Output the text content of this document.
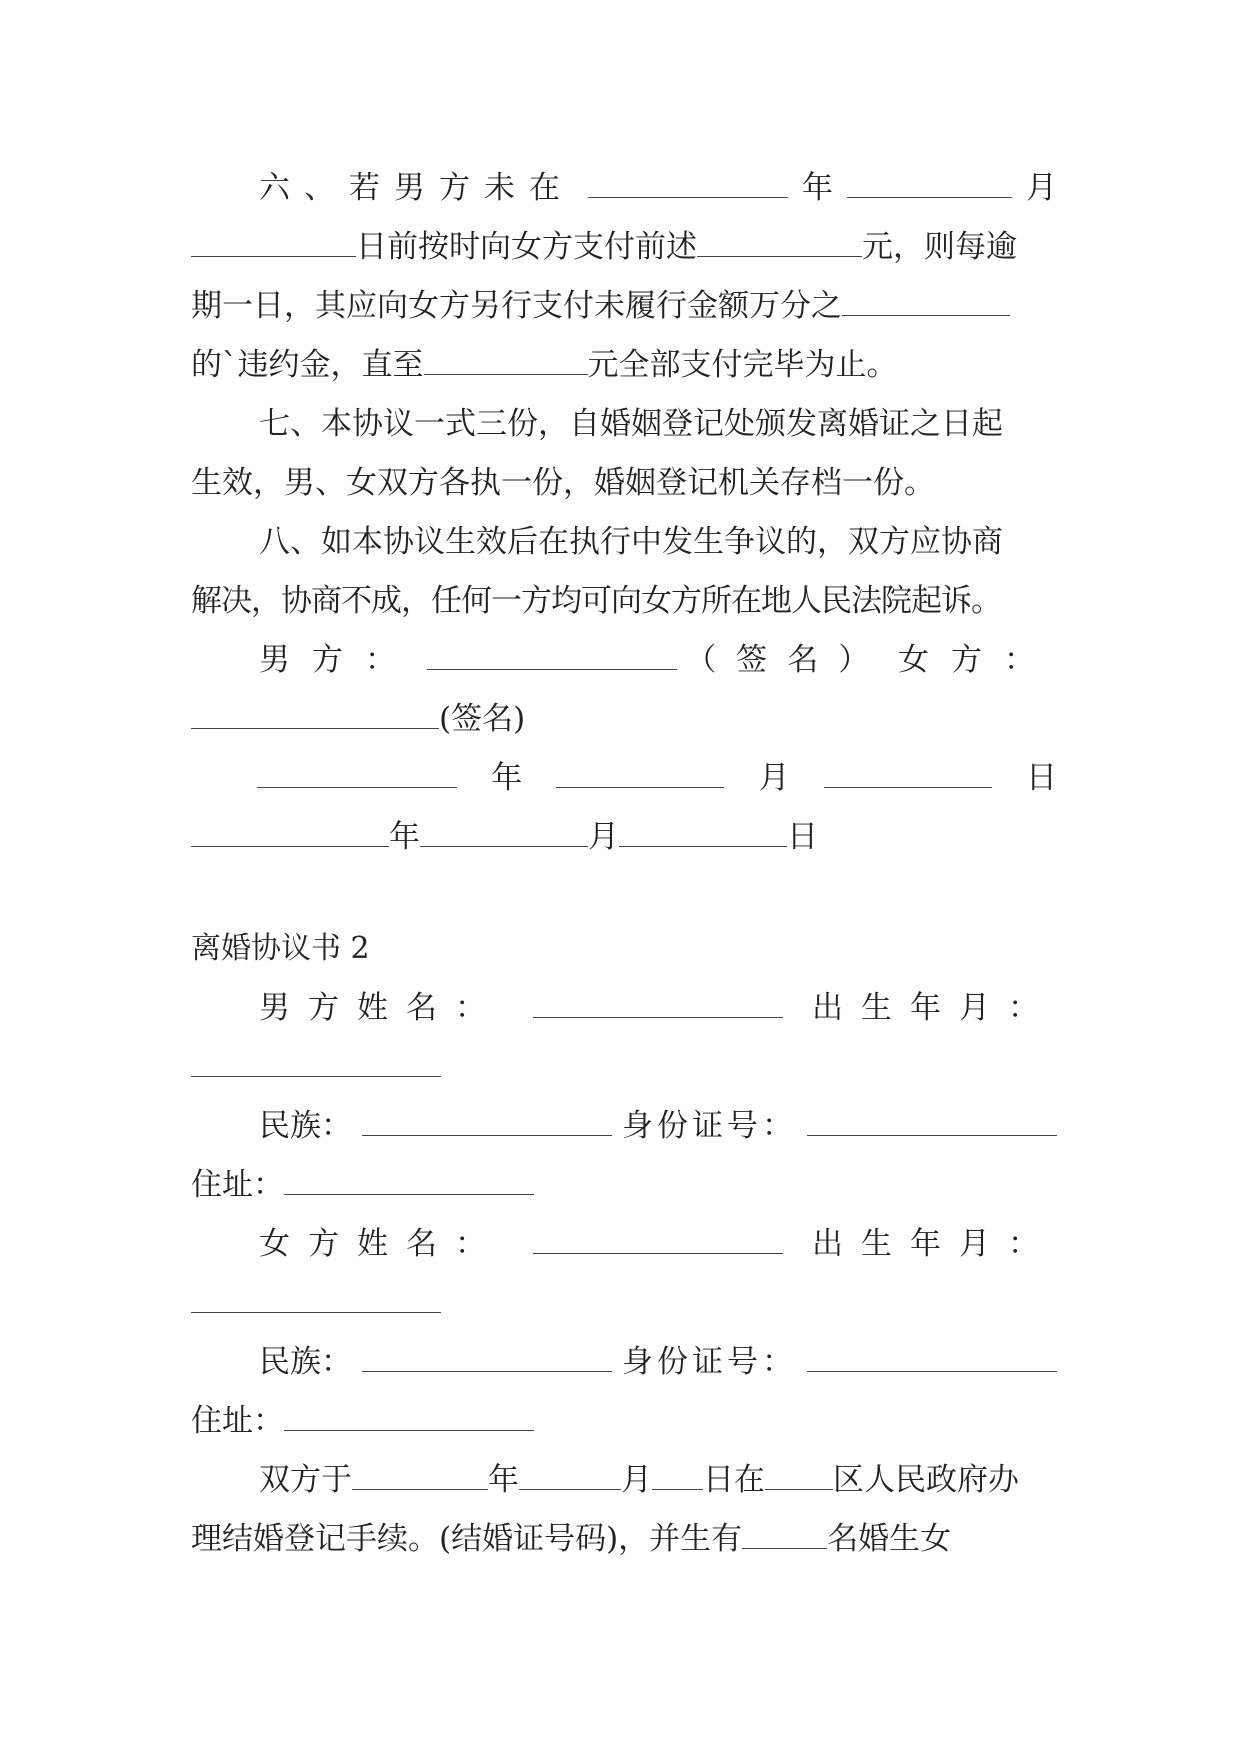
六、若男方未在	年	月
日前按时向女方支付前述	元，则每逾
期一日，其应向女方另行支付未履行金额万分之
的`违约金，直至	元全部支付完毕为止。
七、本协议一式三份，自婚姻登记处颁发离婚证之日起
生效，男、女双方各执一份，婚姻登记机关存档一份。
八、如本协议生效后在执行中发生争议的，双方应协商
解决，协商不成，任何一方均可向女方所在地人民法院起诉。
男方：	（签名） 女方：
(签名)
年	月	日
年	月	日
离婚协议书 2
男方姓名：	出生年月：
民族：	身份证号：
住址：
女方姓名：	出生年月：
民族：	身份证号：
住址：
双方于	年	月 日在 区人民政府办
理结婚登记手续。(结婚证号码)，并生有	名婚生女
